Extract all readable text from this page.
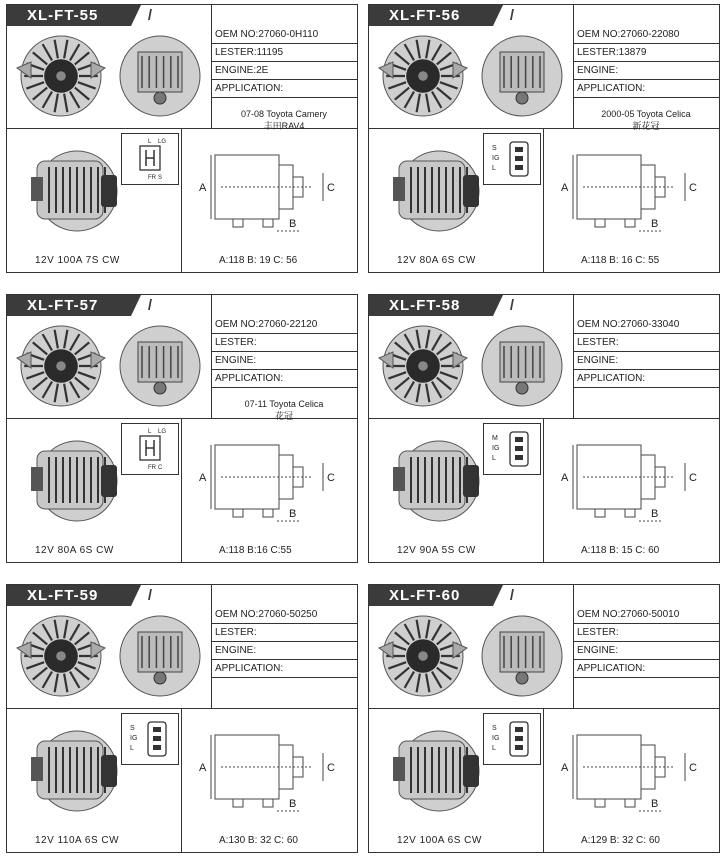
XL-FT-55	/
OEM NO:27060-0H110
LESTER:11195
ENGINE:2E
APPLICATION:
07-08 Toyota Camery
丰田RAV4
L LG
FR S
A	C
B
12V 100A 7S CW	A:118 B: 19 C: 56
XL-FT-56	/
OEM NO:27060-22080
LESTER:13879
ENGINE:
APPLICATION:
2000-05 Toyota Celica
新花冠
S
IG
L
A	C
B
12V 80A 6S CW	A:118 B: 16 C: 55
XL-FT-57	/
OEM NO:27060-22120
LESTER:
ENGINE:
APPLICATION:
07-11 Toyota Celica
花冠
L LG
FR C
A	C
B
12V 80A 6S CW	A:118 B:16 C:55
XL-FT-58	/
OEM NO:27060-33040
LESTER:
ENGINE:
APPLICATION:
M
IG
L
A	C
B
12V 90A 5S CW	A:118 B: 15 C: 60
XL-FT-59	/
OEM NO:27060-50250
LESTER:
ENGINE:
APPLICATION:
S
IG
L
A	C
B
12V 110A 6S CW	A:130 B: 32 C: 60
XL-FT-60	/
OEM NO:27060-50010
LESTER:
ENGINE:
APPLICATION:
S
IG
L
A	C
B
12V 100A 6S CW	A:129 B: 32 C: 60
